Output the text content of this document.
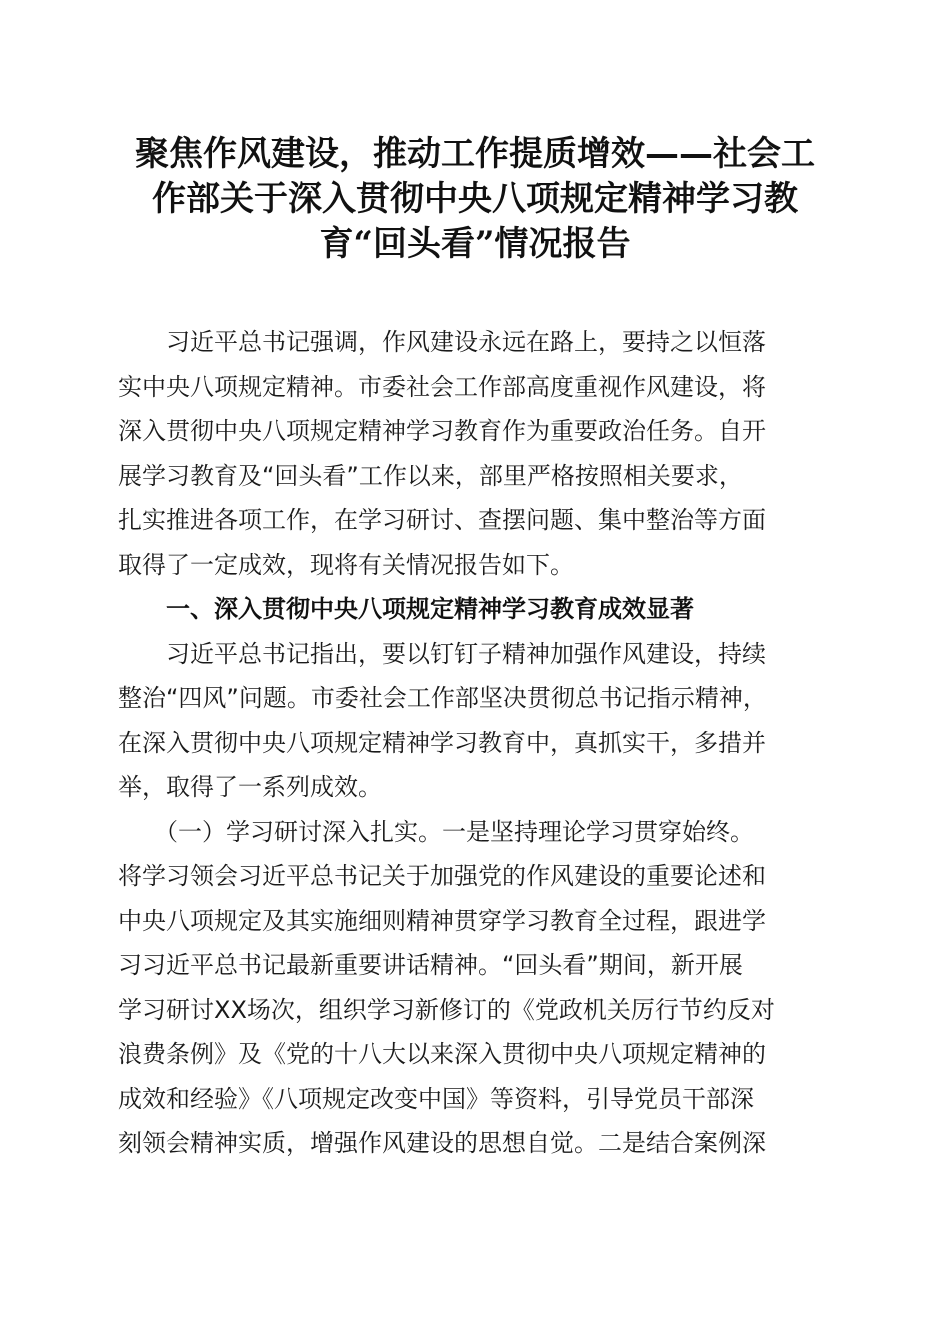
聚焦作风建设，推动工作提质增效——社会工
作部关于深入贯彻中央八项规定精神学习教
育“回头看”情况报告
　　习近平总书记强调，作风建设永远在路上，要持之以恒落
实中央八项规定精神。市委社会工作部高度重视作风建设，将
深入贯彻中央八项规定精神学习教育作为重要政治任务。自开
展学习教育及“回头看”工作以来，部里严格按照相关要求，
扎实推进各项工作，在学习研讨、查摆问题、集中整治等方面
取得了一定成效，现将有关情况报告如下。
　　一、深入贯彻中央八项规定精神学习教育成效显著
　　习近平总书记指出，要以钉钉子精神加强作风建设，持续
整治“四风”问题。市委社会工作部坚决贯彻总书记指示精神，
在深入贯彻中央八项规定精神学习教育中，真抓实干，多措并
举，取得了一系列成效。
　　（一）学习研讨深入扎实。一是坚持理论学习贯穿始终。
将学习领会习近平总书记关于加强党的作风建设的重要论述和
中央八项规定及其实施细则精神贯穿学习教育全过程，跟进学
习习近平总书记最新重要讲话精神。“回头看”期间，新开展
学习研讨XX场次，组织学习新修订的《党政机关厉行节约反对
浪费条例》及《党的十八大以来深入贯彻中央八项规定精神的
成效和经验》《八项规定改变中国》等资料，引导党员干部深
刻领会精神实质，增强作风建设的思想自觉。二是结合案例深
